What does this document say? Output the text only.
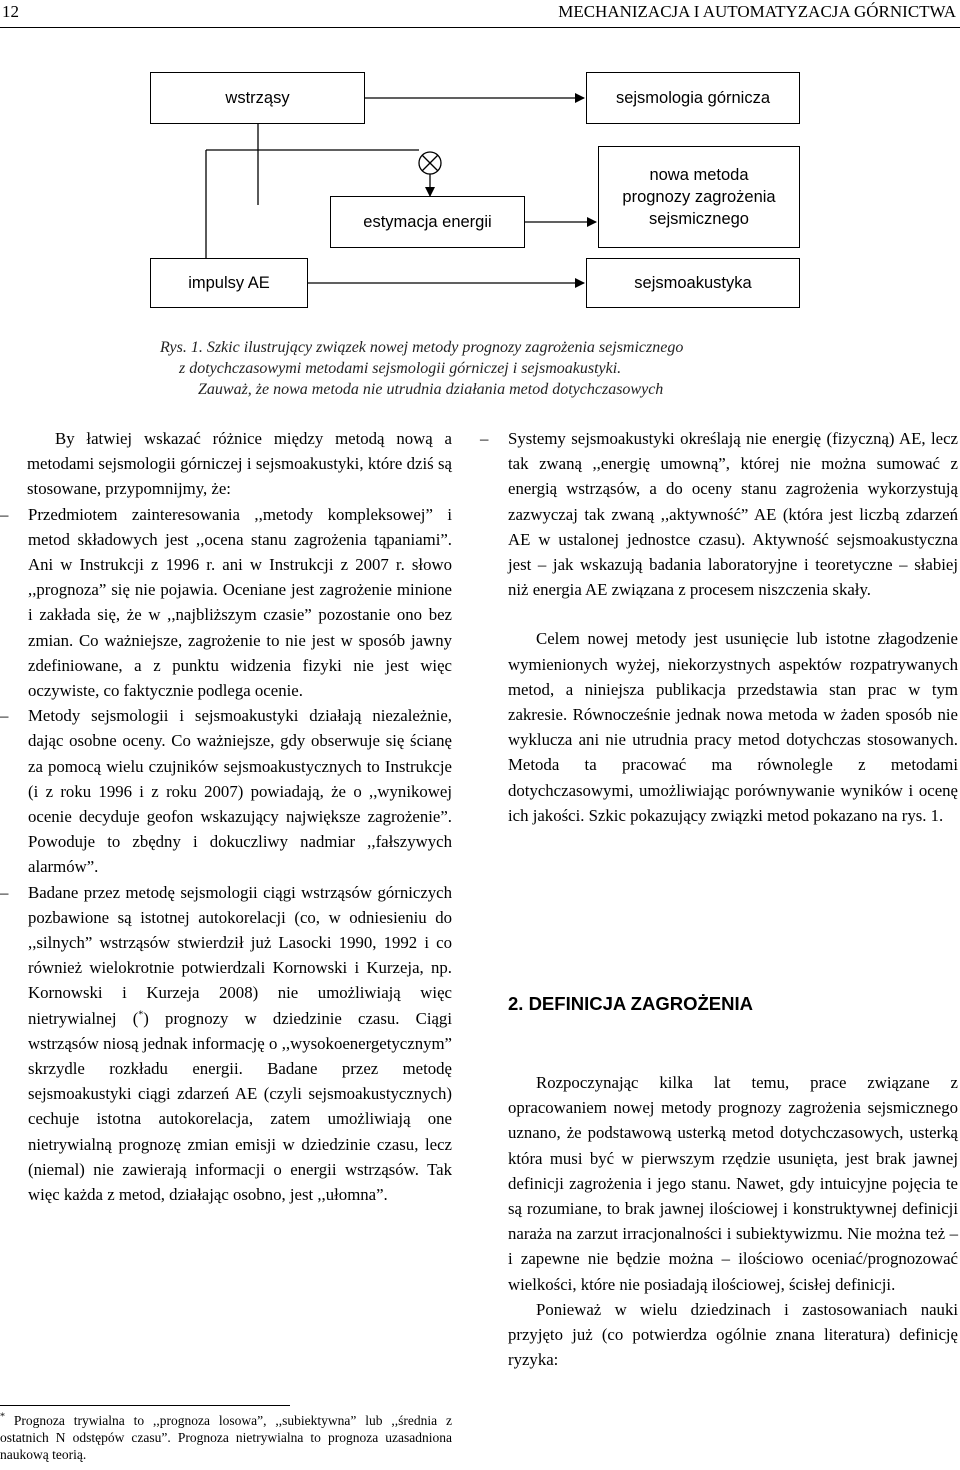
12	MECHANIZACJA I AUTOMATYZACJA GÓRNICTWA
wstrząsy	sejsmologia górnicza
estymacja energii
nowa metoda
prognozy zagrożenia
sejsmicznego
impulsy AE	sejsmoakustyka
Rys. 1. Szkic ilustrujący związek nowej metody prognozy zagrożenia sejsmicznego
z dotychczasowymi metodami sejsmologii górniczej i sejsmoakustyki.
Zauważ, że nowa metoda nie utrudnia działania metod dotychczasowych

By łatwiej wskazać różnice między metodą nową a metodami sejsmologii górniczej i sejsmoakustyki, które dziś są stosowane, przypomnijmy, że:

–	Przedmiotem zainteresowania ,,metody kompleksowej” i metod składowych jest ,,ocena stanu zagrożenia tąpaniami”. Ani w Instrukcji z 1996 r. ani w Instrukcji z 2007 r. słowo ,,prognoza” się nie pojawia. Oceniane jest zagrożenie minione i zakłada się, że w ,,najbliższym czasie” pozostanie ono bez zmian. Co ważniejsze, zagrożenie to nie jest w sposób jawny zdefiniowane, a z punktu widzenia fizyki nie jest więc oczywiste, co faktycznie podlega ocenie.
–	Metody sejsmologii i sejsmoakustyki działają niezależnie, dając osobne oceny. Co ważniejsze, gdy obserwuje się ścianę za pomocą wielu czujników sejsmoakustycznych to Instrukcje (i z roku 1996 i z roku 2007) powiadają, że o ,,wynikowej ocenie decyduje geofon wskazujący największe zagrożenie”. Powoduje to zbędny i dokuczliwy nadmiar ,,fałszywych alarmów”.
–	Badane przez metodę sejsmologii ciągi wstrząsów górniczych pozbawione są istotnej autokorelacji (co, w odniesieniu do ,,silnych” wstrząsów stwierdził już Lasocki 1990, 1992 i co również wielokrotnie potwierdzali Kornowski i Kurzeja, np. Kornowski i Kurzeja 2008) nie umożliwiają więc nietrywialnej (*) prognozy w dziedzinie czasu. Ciągi wstrząsów niosą jednak informację o ,,wysokoenergetycznym” skrzydle rozkładu energii. Badane przez metodę sejsmoakustyki ciągi zdarzeń AE (czyli sejsmoakustycznych) cechuje istotna autokorelacja, zatem umożliwiają one nietrywialną prognozę zmian emisji w dziedzinie czasu, lecz (niemal) nie zawierają informacji o energii wstrząsów. Tak więc każda z metod, działając osobno, jest ,,ułomna”.
–	Systemy sejsmoakustyki określają nie energię (fizyczną) AE, lecz tak zwaną ,,energię umowną”, której nie można sumować z energią wstrząsów, a do oceny stanu zagrożenia wykorzystują zazwyczaj tak zwaną ,,aktywność” AE (która jest liczbą zdarzeń AE w ustalonej jednostce czasu). Aktywność sejsmoakustyczna jest – jak wskazują badania laboratoryjne i teoretyczne – słabiej niż energia AE związana z procesem niszczenia skały.

Celem nowej metody jest usunięcie lub istotne złagodzenie wymienionych wyżej, niekorzystnych aspektów rozpatrywanych metod, a niniejsza publikacja przedstawia stan prac w tym zakresie. Równocześnie jednak nowa metoda w żaden sposób nie wyklucza ani nie utrudnia pracy metod dotychczas stosowanych. Metoda ta pracować ma równolegle z metodami dotychczasowymi, umożliwiając porównywanie wyników i ocenę ich jakości. Szkic pokazujący związki metod pokazano na rys. 1.

2. DEFINICJA ZAGROŻENIA

Rozpoczynając kilka lat temu, prace związane z opracowaniem nowej metody prognozy zagrożenia sejsmicznego uznano, że podstawową usterką metod dotychczasowych, usterką która musi być w pierwszym rzędzie usunięta, jest brak jawnej definicji zagrożenia i jego stanu. Nawet, gdy intuicyjne pojęcia te są rozumiane, to brak jawnej ilościowej i konstruktywnej definicji naraża na zarzut irracjonalności i subiektywizmu. Nie można też – i zapewne nie będzie można – ilościowo oceniać/prognozować wielkości, które nie posiadają ilościowej, ścisłej definicji.

Ponieważ w wielu dziedzinach i zastosowaniach nauki przyjęto już (co potwierdza ogólnie znana literatura) definicję ryzyka:

* Prognoza trywialna to ,,prognoza losowa”, ,,subiektywna” lub ,,średnia z ostatnich N odstępów czasu”. Prognoza nietrywialna to prognoza uzasadniona naukową teorią.
